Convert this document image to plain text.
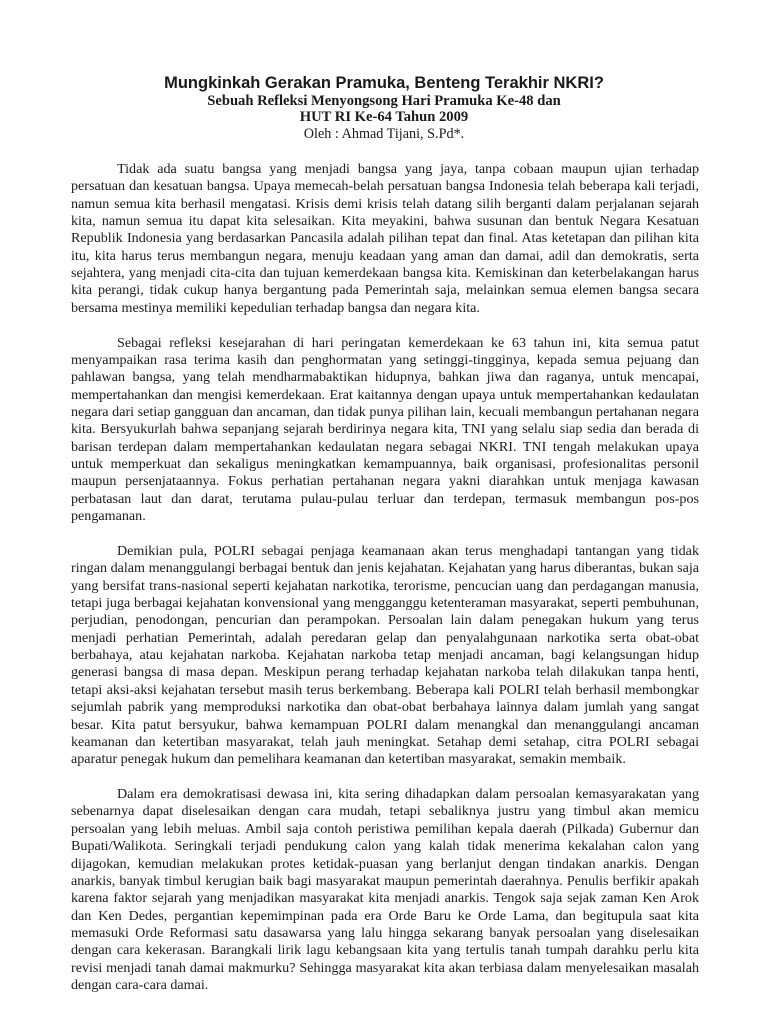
Mungkinkah Gerakan Pramuka, Benteng Terakhir NKRI?

Sebuah Refleksi Menyongsong Hari Pramuka Ke-48 dan

HUT RI Ke-64 Tahun 2009

Oleh : Ahmad Tijani, S.Pd*.

Tidak ada suatu bangsa yang menjadi bangsa yang jaya, tanpa cobaan maupun ujian terhadap persatuan dan kesatuan bangsa. Upaya memecah-belah persatuan bangsa Indonesia telah beberapa kali terjadi, namun semua kita berhasil mengatasi. Krisis demi krisis telah datang silih berganti dalam perjalanan sejarah kita, namun semua itu dapat kita selesaikan. Kita meyakini, bahwa susunan dan bentuk Negara Kesatuan Republik Indonesia yang berdasarkan Pancasila adalah pilihan tepat dan final. Atas ketetapan dan pilihan kita itu, kita harus terus membangun negara, menuju keadaan yang aman dan damai, adil dan demokratis, serta sejahtera, yang menjadi cita-cita dan tujuan kemerdekaan bangsa kita. Kemiskinan dan keterbelakangan harus kita perangi, tidak cukup hanya bergantung pada Pemerintah saja, melainkan semua elemen bangsa secara bersama mestinya memiliki kepedulian terhadap bangsa dan negara kita.

Sebagai refleksi kesejarahan di hari peringatan kemerdekaan ke 63 tahun ini, kita semua patut menyampaikan rasa terima kasih dan penghormatan yang setinggi-tingginya, kepada semua pejuang dan pahlawan bangsa, yang telah mendharmabaktikan hidupnya, bahkan jiwa dan raganya, untuk mencapai, mempertahankan dan mengisi kemerdekaan. Erat kaitannya dengan upaya untuk mempertahankan kedaulatan negara dari setiap gangguan dan ancaman, dan tidak punya pilihan lain, kecuali membangun pertahanan negara kita. Bersyukurlah bahwa sepanjang sejarah berdirinya negara kita, TNI yang selalu siap sedia dan berada di barisan terdepan dalam mempertahankan kedaulatan negara sebagai NKRI. TNI tengah melakukan upaya untuk memperkuat dan sekaligus meningkatkan kemampuannya, baik organisasi, profesionalitas personil maupun persenjataannya. Fokus perhatian pertahanan negara yakni diarahkan untuk menjaga kawasan perbatasan laut dan darat, terutama pulau-pulau terluar dan terdepan, termasuk membangun pos-pos pengamanan.

Demikian pula, POLRI sebagai penjaga keamanaan akan terus menghadapi tantangan yang tidak ringan dalam menanggulangi berbagai bentuk dan jenis kejahatan. Kejahatan yang harus diberantas, bukan saja yang bersifat trans-nasional seperti kejahatan narkotika, terorisme, pencucian uang dan perdagangan manusia, tetapi juga berbagai kejahatan konvensional yang mengganggu ketenteraman masyarakat, seperti pembuhunan, perjudian, penodongan, pencurian dan perampokan. Persoalan lain dalam penegakan hukum yang terus menjadi perhatian Pemerintah, adalah peredaran gelap dan penyalahgunaan narkotika serta obat-obat berbahaya, atau kejahatan narkoba. Kejahatan narkoba tetap menjadi ancaman, bagi kelangsungan hidup generasi bangsa di masa depan. Meskipun perang terhadap kejahatan narkoba telah dilakukan tanpa henti, tetapi aksi-aksi kejahatan tersebut masih terus berkembang. Beberapa kali POLRI telah berhasil membongkar sejumlah pabrik yang memproduksi narkotika dan obat-obat berbahaya lainnya dalam jumlah yang sangat besar. Kita patut bersyukur, bahwa kemampuan POLRI dalam menangkal dan menanggulangi ancaman keamanan dan ketertiban masyarakat, telah jauh meningkat. Setahap demi setahap, citra POLRI sebagai aparatur penegak hukum dan pemelihara keamanan dan ketertiban masyarakat, semakin membaik.

Dalam era demokratisasi dewasa ini, kita sering dihadapkan dalam persoalan kemasyarakatan yang sebenarnya dapat diselesaikan dengan cara mudah, tetapi sebaliknya justru yang timbul akan memicu persoalan yang lebih meluas. Ambil saja contoh peristiwa pemilihan kepala daerah (Pilkada) Gubernur dan Bupati/Walikota. Seringkali terjadi pendukung calon yang kalah tidak menerima kekalahan calon yang dijagokan, kemudian melakukan protes ketidak-puasan yang berlanjut dengan tindakan anarkis. Dengan anarkis, banyak timbul kerugian baik bagi masyarakat maupun pemerintah daerahnya. Penulis berfikir apakah karena faktor sejarah yang menjadikan masyarakat kita menjadi anarkis. Tengok saja sejak zaman Ken Arok dan Ken Dedes, pergantian kepemimpinan pada era Orde Baru ke Orde Lama, dan begitupula saat kita memasuki Orde Reformasi satu dasawarsa yang lalu hingga sekarang banyak persoalan yang diselesaikan dengan cara kekerasan. Barangkali lirik lagu kebangsaan kita yang tertulis tanah tumpah darahku perlu kita revisi menjadi tanah damai makmurku? Sehingga masyarakat kita akan terbiasa dalam menyelesaikan masalah dengan cara-cara damai.
